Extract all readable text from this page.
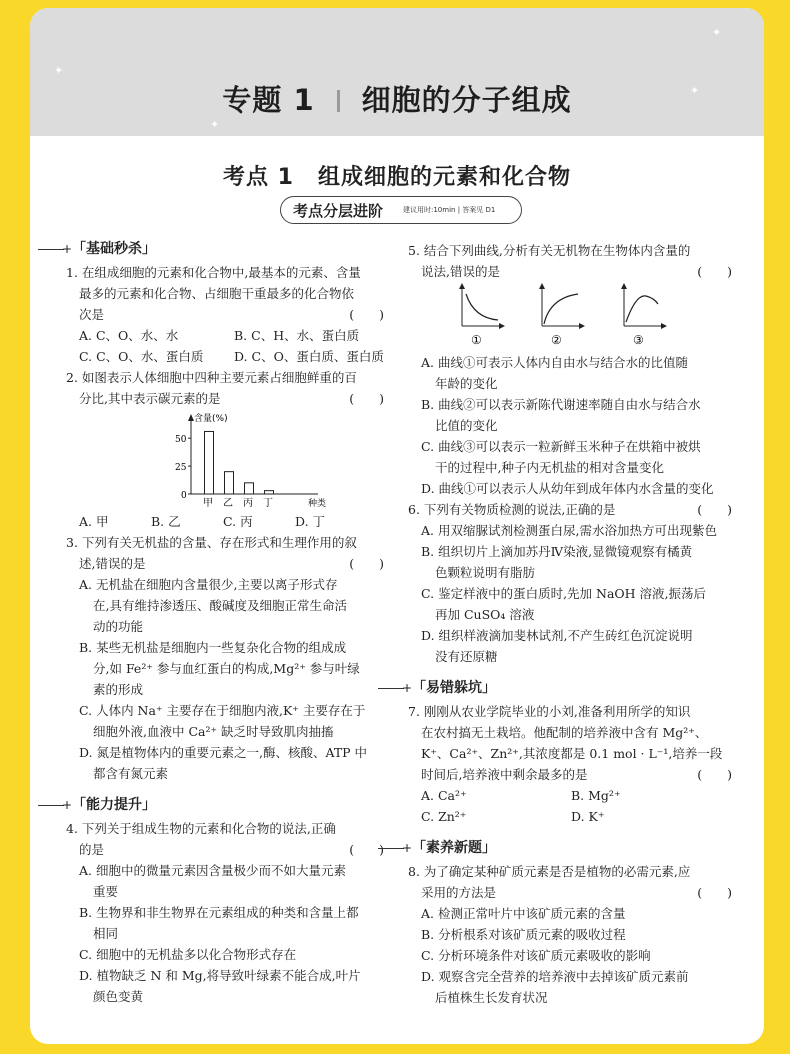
✦
✦
✦
✦
专题 1 细胞的分子组成
考点 1 组成细胞的元素和化合物
考点分层进阶	建议用时:10min | 答案见 D1
+ 「基础秒杀」
1. 在组成细胞的元素和化合物中,最基本的元素、含量
最多的元素和化合物、占细胞干重最多的化合物依
次是	(　　)
A. C、O、水、水	B. C、H、水、蛋白质
C. C、O、水、蛋白质	D. C、O、蛋白质、蛋白质
2. 如图表示人体细胞中四种主要元素占细胞鲜重的百
分比,其中表示碳元素的是	(　　)
含量(%)
0
25
50
甲 乙 丙 丁	种类
A. 甲	B. 乙	C. 丙	D. 丁
3. 下列有关无机盐的含量、存在形式和生理作用的叙
述,错误的是	(　　)
A. 无机盐在细胞内含量很少,主要以离子形式存
在,具有维持渗透压、酸碱度及细胞正常生命活
动的功能
B. 某些无机盐是细胞内一些复杂化合物的组成成
分,如 Fe²⁺ 参与血红蛋白的构成,Mg²⁺ 参与叶绿
素的形成
C. 人体内 Na⁺ 主要存在于细胞内液,K⁺ 主要存在于
细胞外液,血液中 Ca²⁺ 缺乏时导致肌肉抽搐
D. 氮是植物体内的重要元素之一,酶、核酸、ATP 中
都含有氮元素
+ 「能力提升」
4. 下列关于组成生物的元素和化合物的说法,正确
的是	(　　)
A. 细胞中的微量元素因含量极少而不如大量元素
重要
B. 生物界和非生物界在元素组成的种类和含量上都
相同
C. 细胞中的无机盐多以化合物形式存在
D. 植物缺乏 N 和 Mg,将导致叶绿素不能合成,叶片
颜色变黄
5. 结合下列曲线,分析有关无机物在生物体内含量的
说法,错误的是	(　　)
①	②	③
A. 曲线①可表示人体内自由水与结合水的比值随
年龄的变化
B. 曲线②可以表示新陈代谢速率随自由水与结合水
比值的变化
C. 曲线③可以表示一粒新鲜玉米种子在烘箱中被烘
干的过程中,种子内无机盐的相对含量变化
D. 曲线①可以表示人从幼年到成年体内水含量的变化
6. 下列有关物质检测的说法,正确的是	(　　)
A. 用双缩脲试剂检测蛋白尿,需水浴加热方可出现紫色
B. 组织切片上滴加苏丹Ⅳ染液,显微镜观察有橘黄
色颗粒说明有脂肪
C. 鉴定样液中的蛋白质时,先加 NaOH 溶液,振荡后
再加 CuSO₄ 溶液
D. 组织样液滴加斐林试剂,不产生砖红色沉淀说明
没有还原糖
+ 「易错躲坑」
7. 刚刚从农业学院毕业的小刘,准备利用所学的知识
在农村搞无土栽培。他配制的培养液中含有 Mg²⁺、
K⁺、Ca²⁺、Zn²⁺,其浓度都是 0.1 mol · L⁻¹,培养一段
时间后,培养液中剩余最多的是	(　　)
A. Ca²⁺	B. Mg²⁺
C. Zn²⁺	D. K⁺
+ 「素养新题」
8. 为了确定某种矿质元素是否是植物的必需元素,应
采用的方法是	(　　)
A. 检测正常叶片中该矿质元素的含量
B. 分析根系对该矿质元素的吸收过程
C. 分析环境条件对该矿质元素吸收的影响
D. 观察含完全营养的培养液中去掉该矿质元素前
后植株生长发育状况
